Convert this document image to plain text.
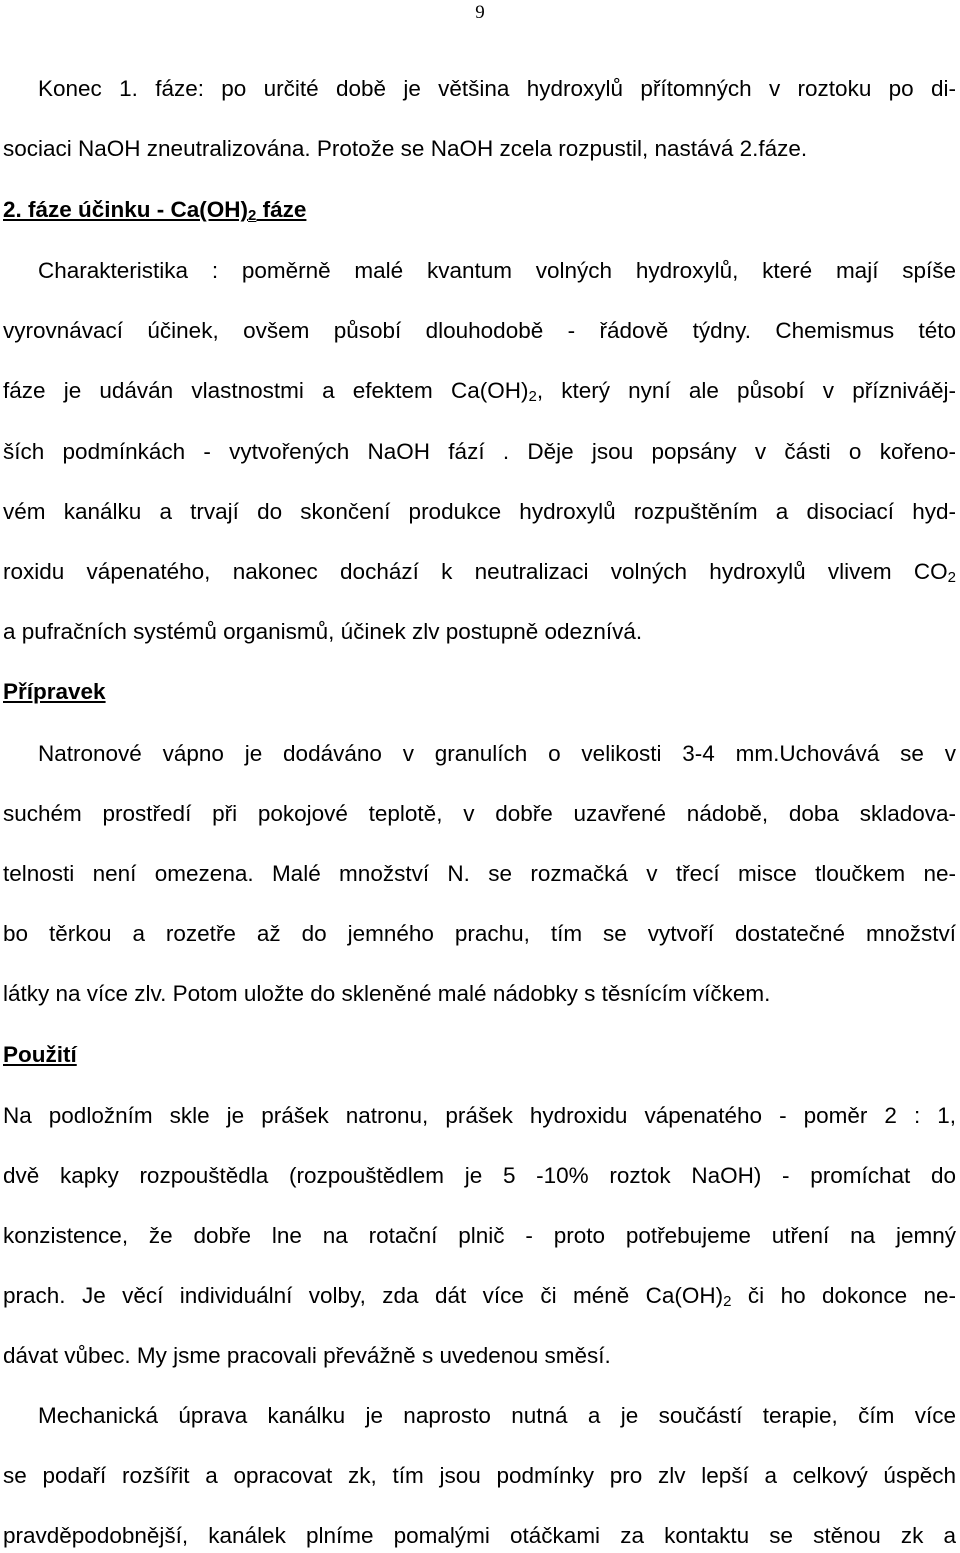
9
Konec 1. fáze: po určité době je většina hydroxylů přítomných v roztoku po di-
sociaci NaOH zneutralizována. Protože se NaOH zcela rozpustil, nastává 2.fáze.
2. fáze účinku - $Ca(OH)_2$ fáze
Charakteristika : poměrně malé kvantum volných hydroxylů, které mají spíše
vyrovnávací účinek, ovšem působí dlouhodobě - řádově týdny. Chemismus této
fáze je udáván vlastnostmi a efektem $Ca(OH)_2$, který nyní ale působí v přízniváěj-
ších podmínkách - vytvořených NaOH fází . Děje jsou popsány v části o kořeno-
vém kanálku a trvají do skončení produkce hydroxylů rozpuštěním a disociací hyd-
roxidu vápenatého, nakonec dochází k neutralizaci volných hydroxylů vlivem $CO_2$
a pufračních systémů organismů, účinek zlv postupně odeznívá.
Přípravek
Natronové vápno je dodáváno v granulích o velikosti 3-4 mm.Uchovává se v
suchém prostředí při pokojové teplotě, v dobře uzavřené nádobě, doba skladova-
telnosti není omezena. Malé množství N. se rozmačká v třecí misce tloučkem ne-
bo těrkou a rozetře až do jemného prachu, tím se vytvoří dostatečné množství
látky na více zlv. Potom uložte do skleněné malé nádobky s těsnícím víčkem.
Použití
Na podložním skle je prášek natronu, prášek hydroxidu vápenatého - poměr 2 : 1,
dvě kapky rozpouštědla (rozpouštědlem je 5 -10% roztok NaOH) - promíchat do
konzistence, že dobře lne na rotační plnič - proto potřebujeme utření na jemný
prach. Je věcí individuální volby, zda dát více či méně $Ca(OH)_2$ či ho dokonce ne-
dávat vůbec. My jsme pracovali převážně s uvedenou směsí.
Mechanická úprava kanálku je naprosto nutná a je součástí terapie, čím více
se podaří rozšířit a opracovat zk, tím jsou podmínky pro zlv lepší a celkový úspěch
pravděpodobnější, kanálek plníme pomalými otáčkami za kontaktu se stěnou zk a
